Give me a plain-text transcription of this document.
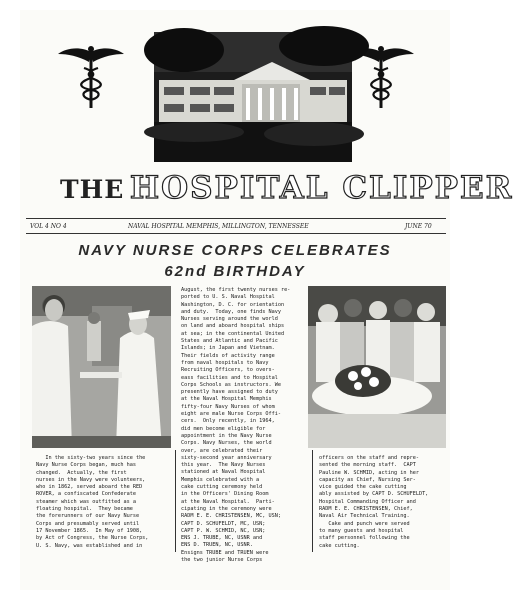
THE HOSPITAL CLIPPER
VOL 4 NO 4	NAVAL HOSPITAL MEMPHIS, MILLINGTON, TENNESSEE	JUNE 70
NAVY NURSE CORPS CELEBRATES
62nd BIRTHDAY
August, the first twenty nurses re-
ported to U. S. Naval Hospital
Washington, D. C. for orientation
and duty.  Today, one finds Navy
Nurses serving around the world
on land and aboard hospital ships
at sea; in the continental United
States and Atlantic and Pacific
Islands; in Japan and Vietnam.
Their fields of activity range
from naval hospitals to Navy
Recruiting Officers, to overs-
eass facilities and to Hospital
Corps Schools as instructors. We
presently have assigned to duty
at the Naval Hospital Memphis
fifty-four Navy Nurses of whom
eight are male Nurse Corps Offi-
cers.  Only recently, in 1964,
did men become eligible for
appointment in the Navy Nurse
Corps. Navy Nurses, the world
over, are celebrated their
sixty-second year anniversary
this year.  The Navy Nurses
stationed at Naval Hospital
Memphis celebrated with a
cake cutting ceremony held
in the Officers' Dining Room
at the Naval Hospital.  Parti-
cipating in the ceremony were
RADM E. E. CHRISTENSEN, MC, USN;
CAPT D. SCHUFELDT, MC, USN;
CAPT P. W. SCHMID, NC, USN;
ENS J. TRUBE, NC, USNR and
ENS D. TRUEN, NC, USNR.
Ensigns TRUBE and TRUEN were
the two junior Nurse Corps
In the sixty-two years since the
Navy Nurse Corps began, much has
changed.  Actually, the first
nurses in the Navy were volunteers,
who in 1862, served aboard the RED
ROVER, a confiscated Confederate
steamer which was outfitted as a
floating hospital.  They became
the forerunners of our Navy Nurse
Corps and presumably served until
17 November 1865.  In May of 1908,
by Act of Congress, the Nurse Corps,
U. S. Navy, was established and in
officers on the staff and repre-
sented the morning staff.  CAPT
Pauline W. SCHMID, acting in her
capacity as Chief, Nursing Ser-
vice guided the cake cutting
ably assisted by CAPT D. SCHUFELDT,
Hospital Commanding Officer and
RADM E. E. CHRISTENSEN, Chief,
Naval Air Technical Training.
Cake and punch were served
to many guests and hospital
staff personnel following the
cake cutting.
